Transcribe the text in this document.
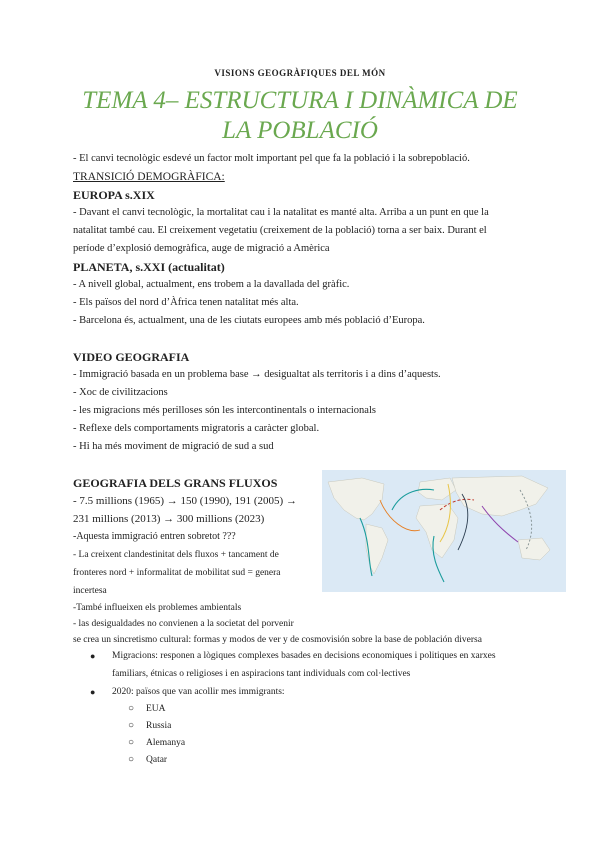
VISIONS GEOGRÀFIQUES DEL MÓN
TEMA 4– ESTRUCTURA I DINÀMICA DE
LA POBLACIÓ
- El canvi tecnològic esdevé un factor molt important pel que fa la població i la sobrepoblació.
TRANSICIÓ DEMOGRÀFICA:
EUROPA s.XIX
- Davant el canvi tecnològic, la mortalitat cau i la natalitat es manté alta. Arriba a un punt en que la
natalitat també cau. El creixement vegetatiu (creixement de la població) torna a ser baix. Durant el
període d’explosió demogràfica, auge de migració a Amèrica
PLANETA, s.XXI (actualitat)
- A nivell global, actualment, ens trobem a la davallada del gràfic.
- Els països del nord d’Àfrica tenen natalitat més alta.
- Barcelona és, actualment, una de les ciutats europees amb més població d’Europa.
VIDEO GEOGRAFIA
- Immigració basada en un problema base → desigualtat als territoris i a dins d’aquests.
- Xoc de civilitzacions
- les migracions més perilloses són les intercontinentals o internacionals
- Reflexe dels comportaments migratoris a caràcter global.
- Hi ha més moviment de migració de sud a sud
GEOGRAFIA DELS GRANS FLUXOS
- 7.5 millions (1965) → 150 (1990), 191 (2005) →
231 millions (2013) → 300 millions (2023)
-Aquesta immigració entren sobretot ???
- La creixent clandestinitat dels fluxos + tancament de
fronteres nord + informalitat de mobilitat sud = genera
incertesa
-També influeixen els problemes ambientals
- las desigualdades no convienen a la societat del porvenir
se crea un sincretismo cultural: formas y modos de ver y de cosmovisión sobre la base de población diversa
● Migracions: responen a lògiques complexes basades en decisions economiques i politiques en xarxes
familiars, étnicas o religioses i en aspiracions tant individuals com col·lectives
● 2020: països que van acollir mes immigrants:
○ EUA
○ Russia
○ Alemanya
○ Qatar
